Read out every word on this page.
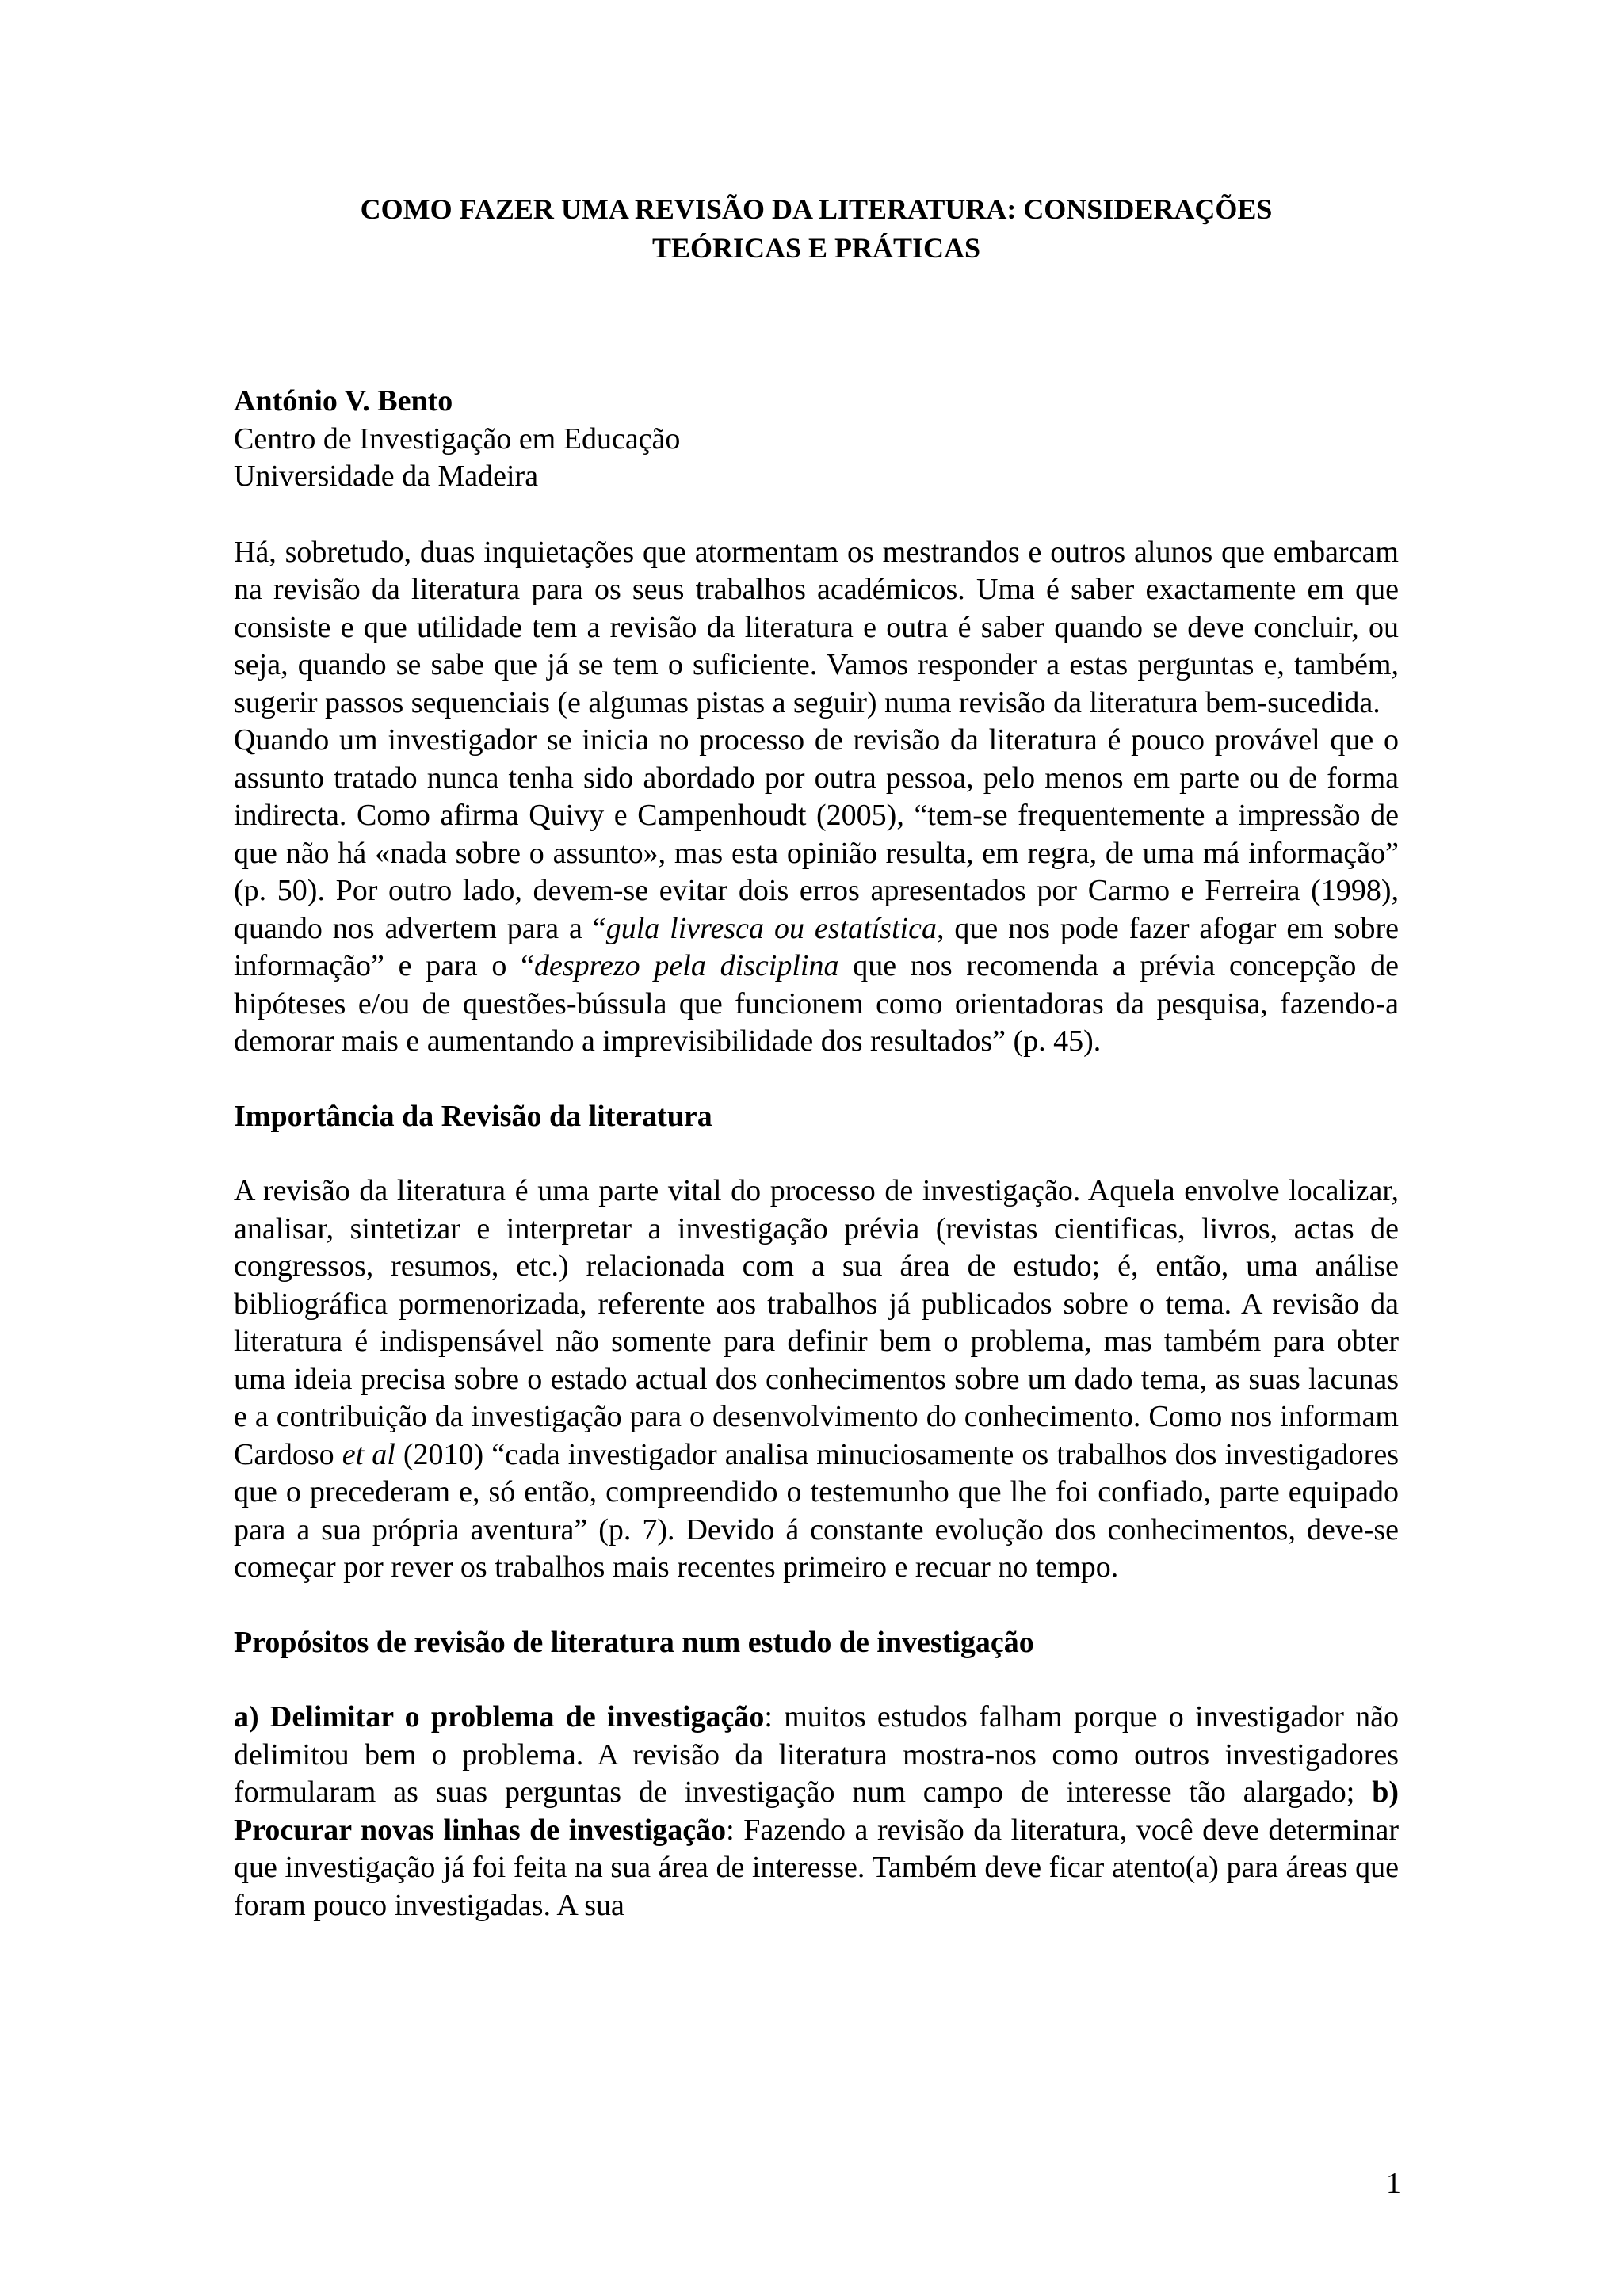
COMO FAZER UMA REVISÃO DA LITERATURA: CONSIDERAÇÕES
TEÓRICAS E PRÁTICAS

António V. Bento

Centro de Investigação em Educação

Universidade da Madeira

Há, sobretudo, duas inquietações que atormentam os mestrandos e outros alunos que embarcam na revisão da literatura para os seus trabalhos académicos. Uma é saber exactamente em que consiste e que utilidade tem a revisão da literatura e outra é saber quando se deve concluir, ou seja, quando se sabe que já se tem o suficiente. Vamos responder a estas perguntas e, também, sugerir passos sequenciais (e algumas pistas a seguir) numa revisão da literatura bem-sucedida.

Quando um investigador se inicia no processo de revisão da literatura é pouco provável que o assunto tratado nunca tenha sido abordado por outra pessoa, pelo menos em parte ou de forma indirecta. Como afirma Quivy e Campenhoudt (2005), “tem-se frequentemente a impressão de que não há «nada sobre o assunto», mas esta opinião resulta, em regra, de uma má informação” (p. 50). Por outro lado, devem-se evitar dois erros apresentados por Carmo e Ferreira (1998), quando nos advertem para a “gula livresca ou estatística, que nos pode fazer afogar em sobre informação” e para o “desprezo pela disciplina que nos recomenda a prévia concepção de hipóteses e/ou de questões-bússula que funcionem como orientadoras da pesquisa, fazendo-a demorar mais e aumentando a imprevisibilidade dos resultados” (p. 45).

Importância da Revisão da literatura

A revisão da literatura é uma parte vital do processo de investigação. Aquela envolve localizar, analisar, sintetizar e interpretar a investigação prévia (revistas cientificas, livros, actas de congressos, resumos, etc.) relacionada com a sua área de estudo; é, então, uma análise bibliográfica pormenorizada, referente aos trabalhos já publicados sobre o tema. A revisão da literatura é indispensável não somente para definir bem o problema, mas também para obter uma ideia precisa sobre o estado actual dos conhecimentos sobre um dado tema, as suas lacunas e a contribuição da investigação para o desenvolvimento do conhecimento. Como nos informam Cardoso et al (2010) “cada investigador analisa minuciosamente os trabalhos dos investigadores que o precederam e, só então, compreendido o testemunho que lhe foi confiado, parte equipado para a sua própria aventura” (p. 7). Devido á constante evolução dos conhecimentos, deve-se começar por rever os trabalhos mais recentes primeiro e recuar no tempo.

Propósitos de revisão de literatura num estudo de investigação

a) Delimitar o problema de investigação: muitos estudos falham porque o investigador não delimitou bem o problema. A revisão da literatura mostra-nos como outros investigadores formularam as suas perguntas de investigação num campo de interesse tão alargado; b) Procurar novas linhas de investigação: Fazendo a revisão da literatura, você deve determinar que investigação já foi feita na sua área de interesse. Também deve ficar atento(a) para áreas que foram pouco investigadas. A sua

1
